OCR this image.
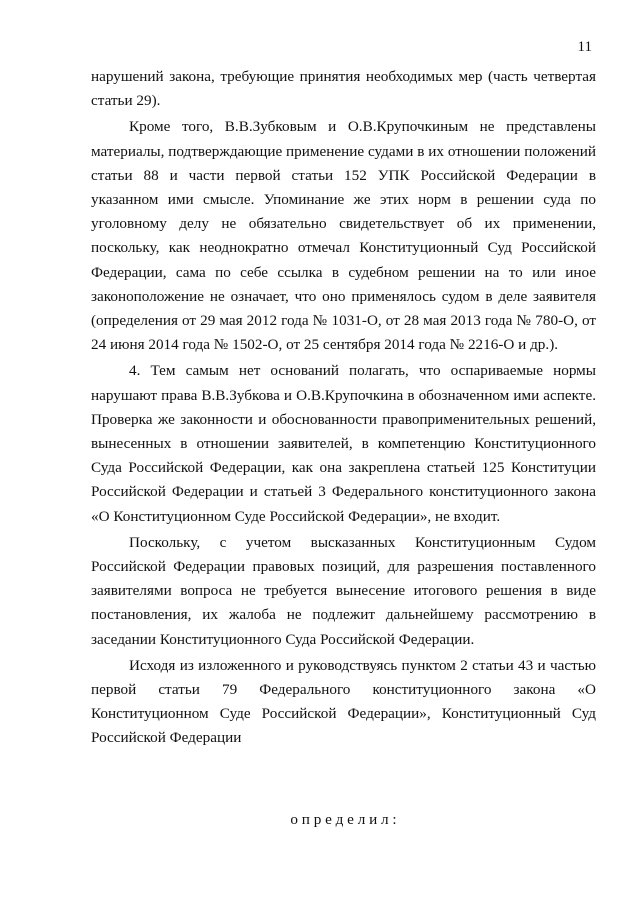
11

нарушений закона, требующие принятия необходимых мер (часть четвертая статьи 29).

Кроме того, В.В.Зубковым и О.В.Крупочкиным не представлены материалы, подтверждающие применение судами в их отношении положений статьи 88 и части первой статьи 152 УПК Российской Федерации в указанном ими смысле. Упоминание же этих норм в решении суда по уголовному делу не обязательно свидетельствует об их применении, поскольку, как неоднократно отмечал Конституционный Суд Российской Федерации, сама по себе ссылка в судебном решении на то или иное законоположение не означает, что оно применялось судом в деле заявителя (определения от 29 мая 2012 года № 1031-О, от 28 мая 2013 года № 780-О, от 24 июня 2014 года № 1502-О, от 25 сентября 2014 года № 2216-О и др.).

4. Тем самым нет оснований полагать, что оспариваемые нормы нарушают права В.В.Зубкова и О.В.Крупочкина в обозначенном ими аспекте. Проверка же законности и обоснованности правоприменительных решений, вынесенных в отношении заявителей, в компетенцию Конституционного Суда Российской Федерации, как она закреплена статьей 125 Конституции Российской Федерации и статьей 3 Федерального конституционного закона «О Конституционном Суде Российской Федерации», не входит.

Поскольку, с учетом высказанных Конституционным Судом Российской Федерации правовых позиций, для разрешения поставленного заявителями вопроса не требуется вынесение итогового решения в виде постановления, их жалоба не подлежит дальнейшему рассмотрению в заседании Конституционного Суда Российской Федерации.

Исходя из изложенного и руководствуясь пунктом 2 статьи 43 и частью первой статьи 79 Федерального конституционного закона «О Конституционном Суде Российской Федерации», Конституционный Суд Российской Федерации

о п р е д е л и л :
